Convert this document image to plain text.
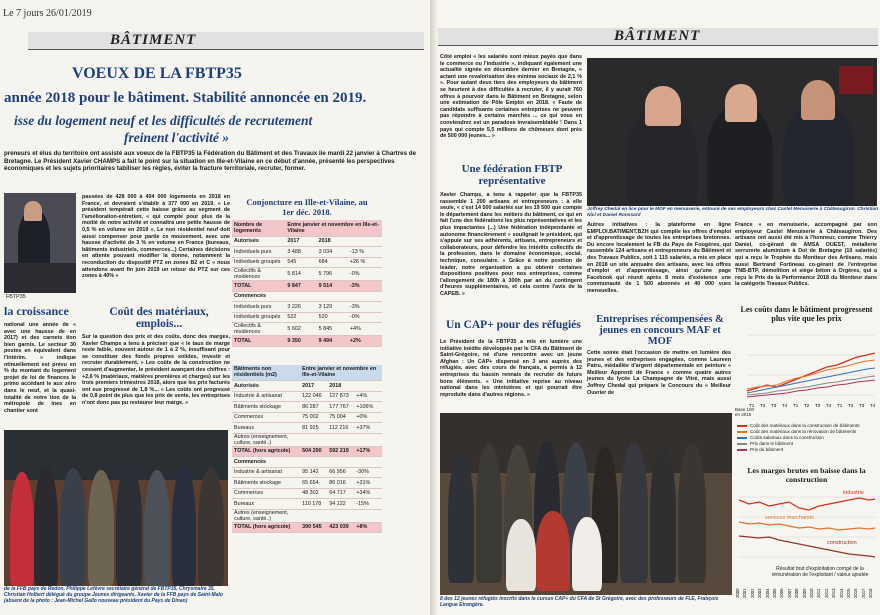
Le 7 jours 26/01/2019
BÂTIMENT
VOEUX DE LA FBTP35
année 2018 pour le bâtiment. Stabilité annoncée en 2019.
isse du logement neuf et les difficultés de recrutement
freinent l'activité »
preneurs et élus du territoire ont assisté aux voeux de la FBTP35 la Fédération du Bâtiment et des Travaux lie mardi 22 janvier à Chartres de Bretagne. Le Président Xavier CHAMPS a fait le point sur la situation en Ille-et-Vilaine en ce début d'année, présenté les perspectives économiques et les sujets prioritaires tabiliser les règles, éviter la fracture territoriale, recruter, former.
FBTP35
passées de 428 000 à 404 000 logements en 2018 en France, et devraient s'établir à 377 000 en 2019. « Le président tempérait cette baisse grâce au segment de l'amélioration-entretien, « qui compte pour plus de la moitié de notre activité et connaîtra une petite hausse de 0,5 % en volume en 2019 ». Le non résidentiel neuf doit aussi compenser pour partie ce mouvement, avec une hausse d'activité de 3 % en volume en France (bureaux, bâtiments industriels, commerces...) Certaines décisions en attente pouvant modifier la donne, notamment la reconduction du dispositif PTZ en zones B2 et C « nous attendons avant fin juin 2019 un retour du PTZ sur ces zones à 40% »
la croissance
national une année de « avec une hausse de en 2017) et des carnets tion bien garnis. Le secteur 30 postes en équivalent dans l'intérim. » indique ntinuellement est prévu en % du montant du logement projet de loi de finances le primo accédant le aux zéro dans le neuf, et la quasi-totalité de notre tion de la métropole de ines en chantier sont
Coût des matériaux, emplois...
Sur la question des prix et des coûts, donc des marges, Xavier Champs a tenu à préciser que « le taux de marge reste faible, souvent autour de 1 à 2 %, insuffisant pour se constituer des fonds propres solides, investir et recruter durablement. » Les coûts de la construction ne cessent d'augmenter, le président avançant des chiffres : +2,6 % (matériaux, matières premières et charges) sur les trois premiers trimestres 2018, alors que les prix facturés ont eux progressé de 1,8 %... « Les coûts ont progressé de 0,8 point de plus que les prix de vente, les entreprises n'ont donc pas pu restaurer leur marge. »
de la FFB pays de Redon, Philippe Lefèvre secrétaire général de FBTP35, Chrysmaire 35. Christian Holbert délégué du groupe Jeunes dirigeants, Xavier de la FFB pays de Saint-Malo (absent de la photo : Jean-Michel Gallo nouveau président du Pays de Dinan)
Conjoncture en Ille-et-Vilaine, au 1er déc. 2018.
Nombre de logements	Entre janvier et novembre en Ille-et-Vilaine		
Autorisés	2017	2018	
Individuels purs	3 488	3 034	-13 %
Individuels groupés	545	684	+26 %
Collectifs & résidences	5 814	5 796	-0%
TOTAL	9 847	9 514	-3%
Commencés			
Individuels purs	3 226	3 129	-3%
Individuels groupés	522	520	-0%
Collectifs & résidences	5 602	5 845	+4%
TOTAL	9 350	9 494	+2%
Bâtiments non résidentiels (m2)	Entre janvier et novembre en Ille-et-Vilaine		
Autorisés	2017	2018	
Industrie & artisanat	122 046	127 873	+4%
Bâtiments stockage	86 287	177 767	+106%
Commerces	75 002	75 004	+0%
Bureaux	81 925	112 216	+37%
Autres (enseignement, culture, santé..)			
TOTAL (hors agricole)	504 200	592 219	+17%
Commencés			
Industrie & artisanat	95 142	66 956	-30%
Bâtiments stockage	65 654	86 016	+31%
Commerces	48 302	64 717	+34%
Bureaux	110 178	94 122	-15%
Autres (enseignement, culture, santé..)			
TOTAL (hors agricole)	390 545	423 039	+8%
BÂTIMENT
Côté emploi « les salariés sont mieux payés que dans le commerce ou l'industrie », indiquant également une actualité signée en décembre dernier en Bretagne, « actant une revalorisation des minima sociaux de 2,1 % ». Pour autant deux tiers des employeurs du bâtiment se heurtent à des difficultés à recruter, il y aurait 760 offres à pourvoir dans le Bâtiment en Bretagne, selon une estimation de Pôle Emploi en 2018. « Faute de candidats suffisants certaines entreprises ne peuvent pas répondre à certains marchés ... ce qui vous en conviendrez est un paradoxe invraisemblable ! Dans 1 pays qui compte 5,5 millions de chômeurs dont près de 500 000 jeunes... »
Une fédération FBTP représentative
Xavier Champs, a tenu à rappeler que la FBTP35 rassemble 1 200 artisans et entrepreneurs : à elle seule, « c'est 14 500 salariés sur les 19 500 que compte le département dans les métiers du bâtiment, ce qui en fait l'une des fédérations les plus représentatives et les plus impactantes (...) Une fédération indépendante et autonome financièrement » soulignait le président, qui s'appuie sur ses adhérents, artisans, entrepreneurs et collaborateurs, pour défendre les intérêts collectifs de la profession, dans le domaine économique, social, technique, consulaire. « Grâce à notre position de leader, notre organisation a pu obtenir certaines dispositions positives pour nos entreprises, comme l'allongement de 180h à 300h par an du contingent d'heures supplémentaires, et cela contre l'avis de la CAPEB. »
Un CAP+ pour des réfugiés
Le Président de la FBTP35 a mis en lumière une initiative inédite développée par le CFA du Bâtiment de Saint-Grégoire, né d'une rencontre avec un jeune Afghan : Un CAP+ dispensé en 3 ans auprès des réfugiés, avec des cours de français, a permis à 12 entreprises du bassin rennais de recruter de futurs bons éléments. « Une initiative reprise au niveau national dans les ministères et qui pourrait être reproduite dans d'autres régions. »
Joffrey Chedal en lice pour le MOF en menuiserie, entouré de ses employeurs chez Castel Menuiserie à Châteaugiron. Christian Nicl et Daniel Ronssard
Autres initiatives : la plateforme en ligne EMPLOI.BATIMENT.BZH qui compile les offres d'emploi et d'apprentissage de toutes les entreprises bretonnes. Du encore localement la FB du Pays de Fougères, qui rassemble 124 artisans et entrepreneurs du Bâtiment et des Travaux Publics, soit 1 115 salariés, a mis en place en 2018 un site annuaire des artisans, avec les offres d'emploi et d'apprentissage, ainsi qu'une page Facebook qui réunit après 8 mois d'existence une communauté de 1 500 abonnés et 40 000 vues mensuelles.
France » en menuiserie, accompagné par son employeur Castel Menuiserie à Châteaugiron. Des artisans ont aussi été mis à l'honneur, comme Thierry Daniel, co-gérant de AMSA OUEST, métallerie serrurerie aluminium à Dol de Bretagne (10 salariés) qui a reçu le Trophée du Moniteur des Artisans, mais aussi Bertrand Fortineau co-gérant de l'entreprise TNB-BTP, démolition et siège béton à Orgères, qui a reçu le Prix de la Performance 2018 du Moniteur dans la catégorie Travaux Publics.
Entreprises récompensées & jeunes en concours MAF et MOF
Cette soirée était l'occasion de mettre en lumière des jeunes et des entreprises engagées, comme Laureen Patru, médaillée d'argent départementale en peinture « Meilleur Apprenti de France » comme quatre autres jeunes du lycée La Champagne de Vitré, mais aussi Joffrey Chedal qui prépare le Concours du « Meilleur Ouvrier de
8 des 12 jeunes réfugiés inscrits dans le cursus CAP+ du CFA de St Grégoire, avec des professeurs de FLE, François Langue Etrangère.
Les coûts dans le bâtiment progressent plus vite que les prix
T1 T2 T3 T4 T1 T2 T3 T4 T1 T2 T3 T4
Base 100 en 2015
Coût des matériaux dans la construction de bâtiments
Coût des matériaux dans la rénovation de bâtiments
Coûts salariaux dans la construction
Prix dans le bâtiment
Prix du bâtiment
Les marges brutes en baisse dans la construction
industrie
services marchands
construction
Résultat brut d'exploitation corrigé de la rémunération de l'exploitant / valeur ajoutée
2000 2001 2002 2003 2004 2005 2006 2007 2008 2009 2010 2011 2012 2013 2014 2015 2016 2017 2018
